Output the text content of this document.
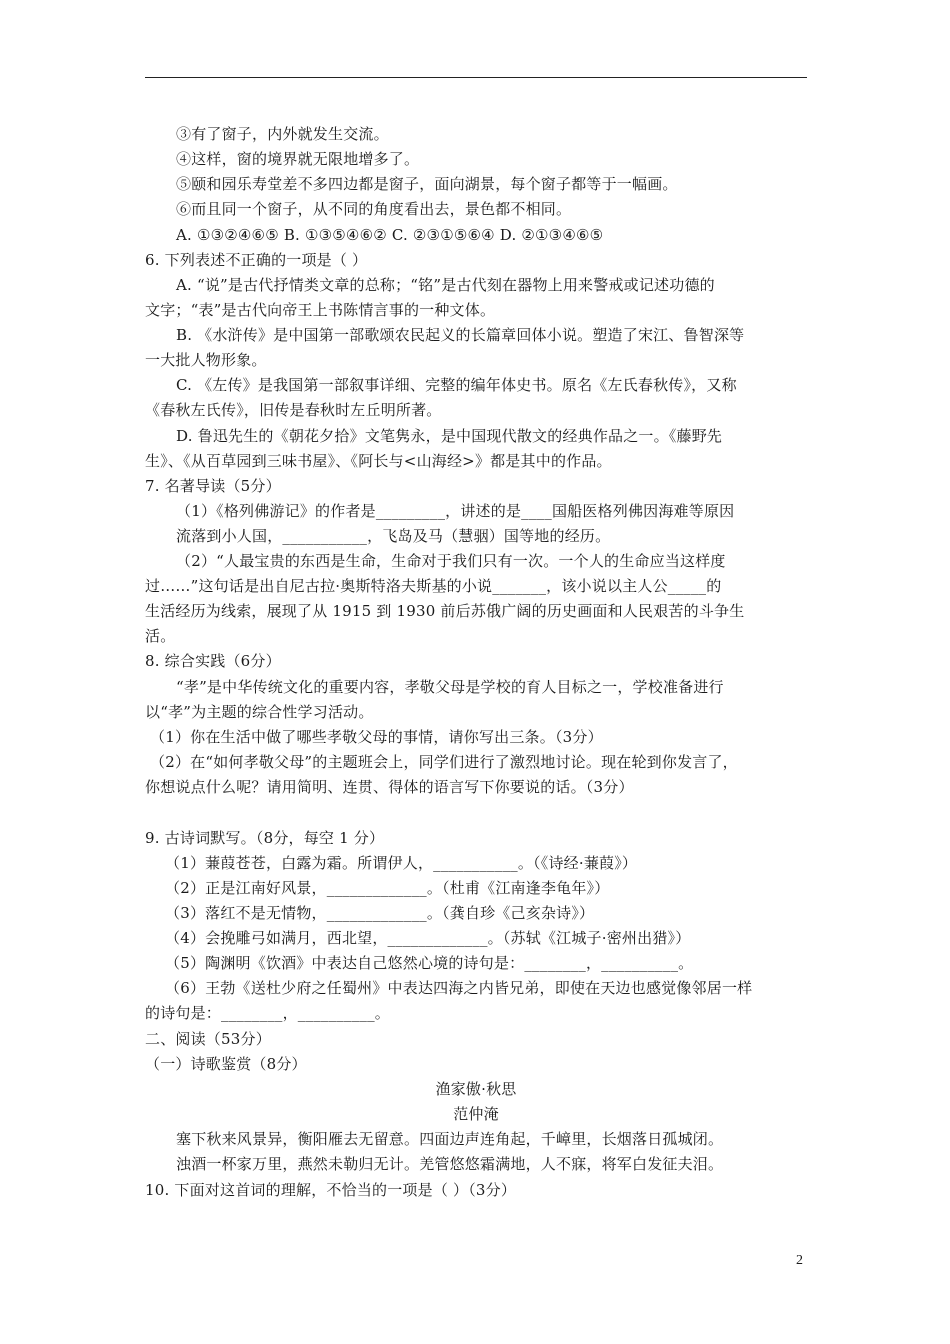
③有了窗子，内外就发生交流。
④这样，窗的境界就无限地增多了。
⑤颐和园乐寿堂差不多四边都是窗子，面向湖景，每个窗子都等于一幅画。
⑥而且同一个窗子，从不同的角度看出去，景色都不相同。
A. ①③②④⑥⑤ B. ①③⑤④⑥② C. ②③①⑤⑥④ D. ②①③④⑥⑤
6. 下列表述不正确的一项是（ ）
A. “说”是古代抒情类文章的总称；“铭”是古代刻在器物上用来警戒或记述功德的
文字；“表”是古代向帝王上书陈情言事的一种文体。
B. 《水浒传》是中国第一部歌颂农民起义的长篇章回体小说。塑造了宋江、鲁智深等
一大批人物形象。
C. 《左传》是我国第一部叙事详细、完整的编年体史书。原名《左氏春秋传》，又称
《春秋左氏传》，旧传是春秋时左丘明所著。
D. 鲁迅先生的《朝花夕拾》文笔隽永，是中国现代散文的经典作品之一。《藤野先
生》、《从百草园到三味书屋》、《阿长与<山海经>》都是其中的作品。
7. 名著导读（5分）
（1）《格列佛游记》的作者是_________，讲述的是____国船医格列佛因海难等原因
流落到小人国，___________，飞岛及马（慧骃）国等地的经历。
（2）“人最宝贵的东西是生命，生命对于我们只有一次。一个人的生命应当这样度
过……”这句话是出自尼古拉·奥斯特洛夫斯基的小说_______，该小说以主人公_____的
生活经历为线索，展现了从 1915 到 1930 前后苏俄广阔的历史画面和人民艰苦的斗争生
活。
8. 综合实践（6分）
“孝”是中华传统文化的重要内容，孝敬父母是学校的育人目标之一，学校准备进行
以“孝”为主题的综合性学习活动。
（1）你在生活中做了哪些孝敬父母的事情，请你写出三条。（3分）
（2）在“如何孝敬父母”的主题班会上，同学们进行了激烈地讨论。现在轮到你发言了，
你想说点什么呢？请用简明、连贯、得体的语言写下你要说的话。（3分）
9. 古诗词默写。（8分，每空 1 分）
（1）蒹葭苍苍，白露为霜。所谓伊人，___________。（《诗经·蒹葭》）
（2）正是江南好风景，_____________。（杜甫《江南逢李龟年》）
（3）落红不是无情物，_____________。（龚自珍《己亥杂诗》）
（4）会挽雕弓如满月，西北望，_____________。（苏轼《江城子·密州出猎》）
（5）陶渊明《饮酒》中表达自己悠然心境的诗句是：________，__________。
（6）王勃《送杜少府之任蜀州》中表达四海之内皆兄弟，即使在天边也感觉像邻居一样
的诗句是：________，__________。
二、阅读（53分）
（一）诗歌鉴赏（8分）
渔家傲·秋思
范仲淹
塞下秋来风景异，衡阳雁去无留意。四面边声连角起，千嶂里，长烟落日孤城闭。
浊酒一杯家万里，燕然未勒归无计。羌管悠悠霜满地，人不寐，将军白发征夫泪。
10. 下面对这首词的理解，不恰当的一项是（ ）（3分）
2
